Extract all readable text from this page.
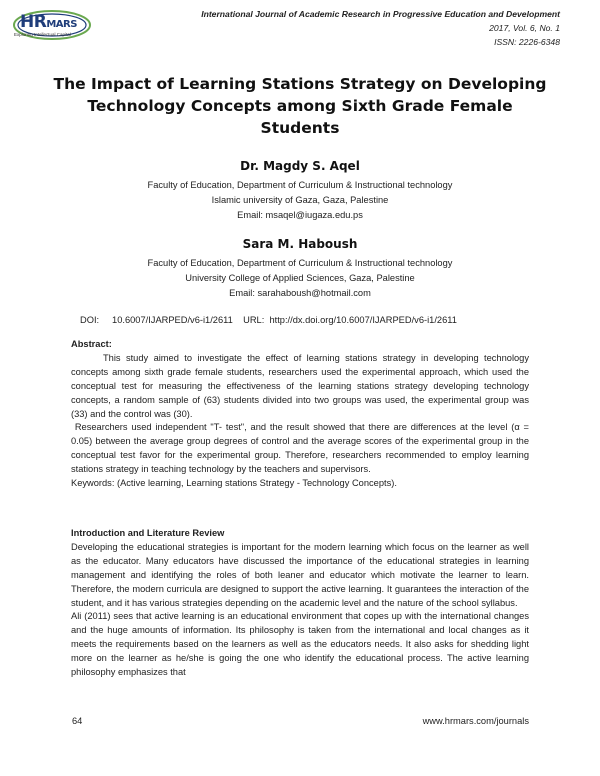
HRMARS
Exploring Intellectual Capital
International Journal of Academic Research in Progressive Education and Development
2017, Vol. 6, No. 1
ISSN: 2226-6348
The Impact of Learning Stations Strategy on Developing Technology Concepts among Sixth Grade Female Students
Dr. Magdy S. Aqel
Faculty of Education, Department of Curriculum & Instructional technology
Islamic university of Gaza, Gaza, Palestine
Email: msaqel@iugaza.edu.ps
Sara M. Haboush
Faculty of Education, Department of Curriculum & Instructional technology
University College of Applied Sciences, Gaza, Palestine
Email: sarahaboush@hotmail.com
DOI:     10.6007/IJARPED/v6-i1/2611    URL:  http://dx.doi.org/10.6007/IJARPED/v6-i1/2611

Abstract:

This study aimed to investigate the effect of learning stations strategy in developing technology concepts among sixth grade female students, researchers used the experimental approach, which used the conceptual test for measuring the effectiveness of the learning stations strategy developing technology concepts, a random sample of (63) students divided into two groups was used, the experimental group was (33) and the control was (30).

Researchers used independent "T- test", and the result showed that there are differences at the level (α = 0.05) between the average group degrees of control and the average scores of the experimental group in the conceptual test favor for the experimental group. Therefore, researchers recommended to employ learning stations strategy in teaching technology by the teachers and supervisors.

Keywords: (Active learning, Learning stations Strategy - Technology Concepts).

Introduction and Literature Review

Developing the educational strategies is important for the modern learning which focus on the learner as well as the educator. Many educators have discussed the importance of the educational strategies in learning management and identifying the roles of both leaner and educator which motivate the learner to learn. Therefore, the modern curricula are designed to support the active learning. It guarantees the interaction of the student, and it has various strategies depending on the academic level and the nature of the school syllabus.

Ali (2011) sees that active learning is an educational environment that copes up with the international changes and the huge amounts of information. Its philosophy is taken from the international and local changes as it meets the requirements based on the learners as well as the educators needs. It also asks for shedding light more on the learner as he/she is going the one who identify the educational process. The active learning philosophy emphasizes that

64	www.hrmars.com/journals
